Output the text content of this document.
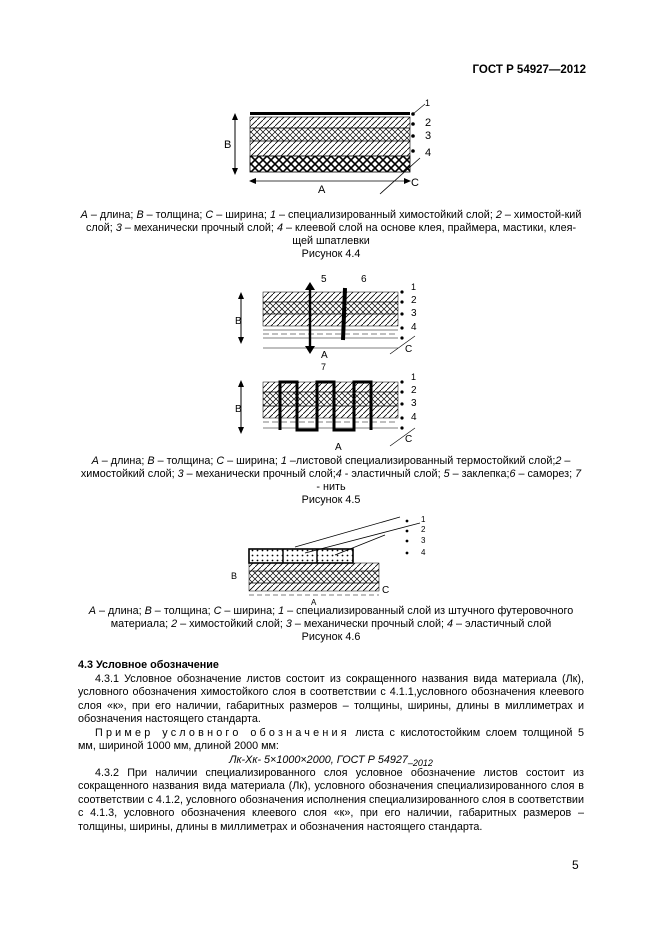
ГОСТ Р 54927—2012
В
А
С
1
2
3
4
А – длина; В – толщина; С – ширина; 1 – специализированный химостойкий слой; 2 – химостой-кий слой; 3 – механически прочный слой; 4 – клеевой слой на основе клея, праймера, мастики, клея-щей шпатлевки
Рисунок 4.4
5	6
В
А
7
1
2
3
4
С
В
А
1
2
3
4
С
А – длина; В – толщина; С – ширина; 1 –листовой специализированный термостойкий слой;2 – химостойкий слой; 3 – механически прочный слой;4 - эластичный слой; 5 – заклепка;6 – саморез; 7 - нить
Рисунок 4.5
В
А
С
1
2
3
4
А – длина; В – толщина; С – ширина; 1 – специализированный слой из штучного футеровочного материала; 2 – химостойкий слой; 3 – механически прочный слой; 4 – эластичный слой
Рисунок 4.6
4.3 Условное обозначение
4.3.1 Условное обозначение листов состоит из сокращенного названия вида материала (Лк), условного обозначения химостойкого слоя в соответствии с 4.1.1,условного обозначения клеевого слоя «к», при его наличии, габаритных размеров – толщины, ширины, длины в миллиметрах и обозначения настоящего стандарта.
Пример условного обозначения листа с кислотостойким слоем толщиной 5 мм, шириной 1000 мм, длиной 2000 мм:
Лк-Хк- 5×1000×2000, ГОСТ Р $54927_{-2012}$
4.3.2 При наличии специализированного слоя условное обозначение листов состоит из сокращенного названия вида материала (Лк), условного обозначения специализированного слоя в соответствии с 4.1.2, условного обозначения исполнения специализированного слоя в соответствии с 4.1.3, условного обозначения клеевого слоя «к», при его наличии, габаритных размеров – толщины, ширины, длины в миллиметрах и обозначения настоящего стандарта.
5
